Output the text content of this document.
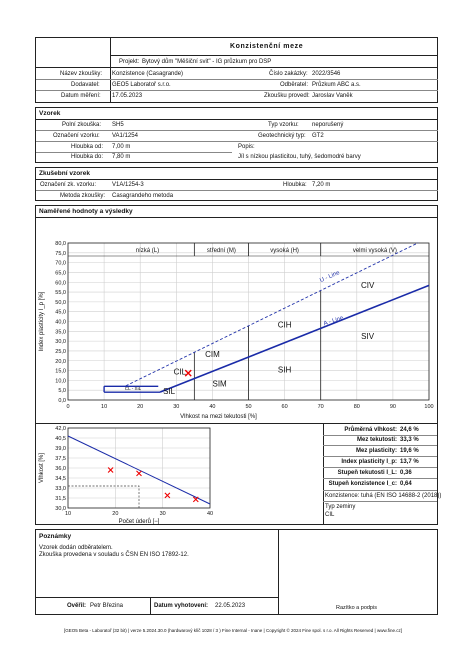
Konzistenční meze
Projekt: Bytový dům "Měšiční svit" - IG průzkum pro DSP
Název zkoušky: Konzistence (Casagrande)	Číslo zakázky: 2022/3546
Dodavatel: GEO5 Laboratoř s.r.o.	Odběratel: Průzkum ABC a.s.
Datum měření: 17.05.2023	Zkoušku provedl: Jaroslav Vaněk
Vzorek
Polní zkouška: SH5	Typ vzorku: neporušený
Označení vzorku: VA1/1254	Geotechnický typ: GT2
Hloubka od: 7,00 m	Popis:
Hloubka do: 7,80 m	Jíl s nízkou plasticitou, tuhý, šedomodré barvy
Zkušební vzorek
Označení zk. vzorku:	V1A/1254-3	Hloubka: 7,20 m
Metoda zkoušky: Casagrandeho metoda
Naměřené hodnoty a výsledky
0,0
5,0
10,0
15,0
20,0
25,0
30,0
35,0
40,0
45,0
50,0
55,0
60,0
65,0
70,0
75,0
80,0
0	10	20	30	40	50	60	70	80	90	100
nízká (L)	střední (M)	vysoká (H)	velmi vysoká (V)
CIV
CIH
CIM
CIL
SIV
SIH
SIM
SIL
CL - SiL
U - Line
A - Line
Vlhkost na mezi tekutosti [%]
Index plasticity I_p [%]
30,0
31,5
33,0
34,5
36,0
37,5
39,0
40,5
42,0
10	20	30	40
Počet úderů [−]
Vlhkost [%]
Průměrná vlhkost: 24,6 %
Mez tekutosti: 33,3 %
Mez plasticity: 19,6 %
Index plasticity I_p: 13,7 %
Stupeň tekutosti I_L: 0,36
Stupeň konzistence I_c: 0,64
Konzistence: tuhá (EN ISO 14688-2 (2018))
Typ zeminy
CIL
Poznámky
Vzorek dodán odběratelem.
Zkouška provedena v souladu s ČSN EN ISO 17892-12.
Ověřil: Petr Březina	Datum vyhotovení: 22.05.2023	Razítko a podpis
[GEO5 Beta - Laboratoř (32 bit) | verze 5.2024.30.0 (hardwarový klíč 1028 / 3 ) Fine Internal - Inane | Copyright © 2024 Fine spol. s r.o. All Rights Reserved | www.fine.cz]
